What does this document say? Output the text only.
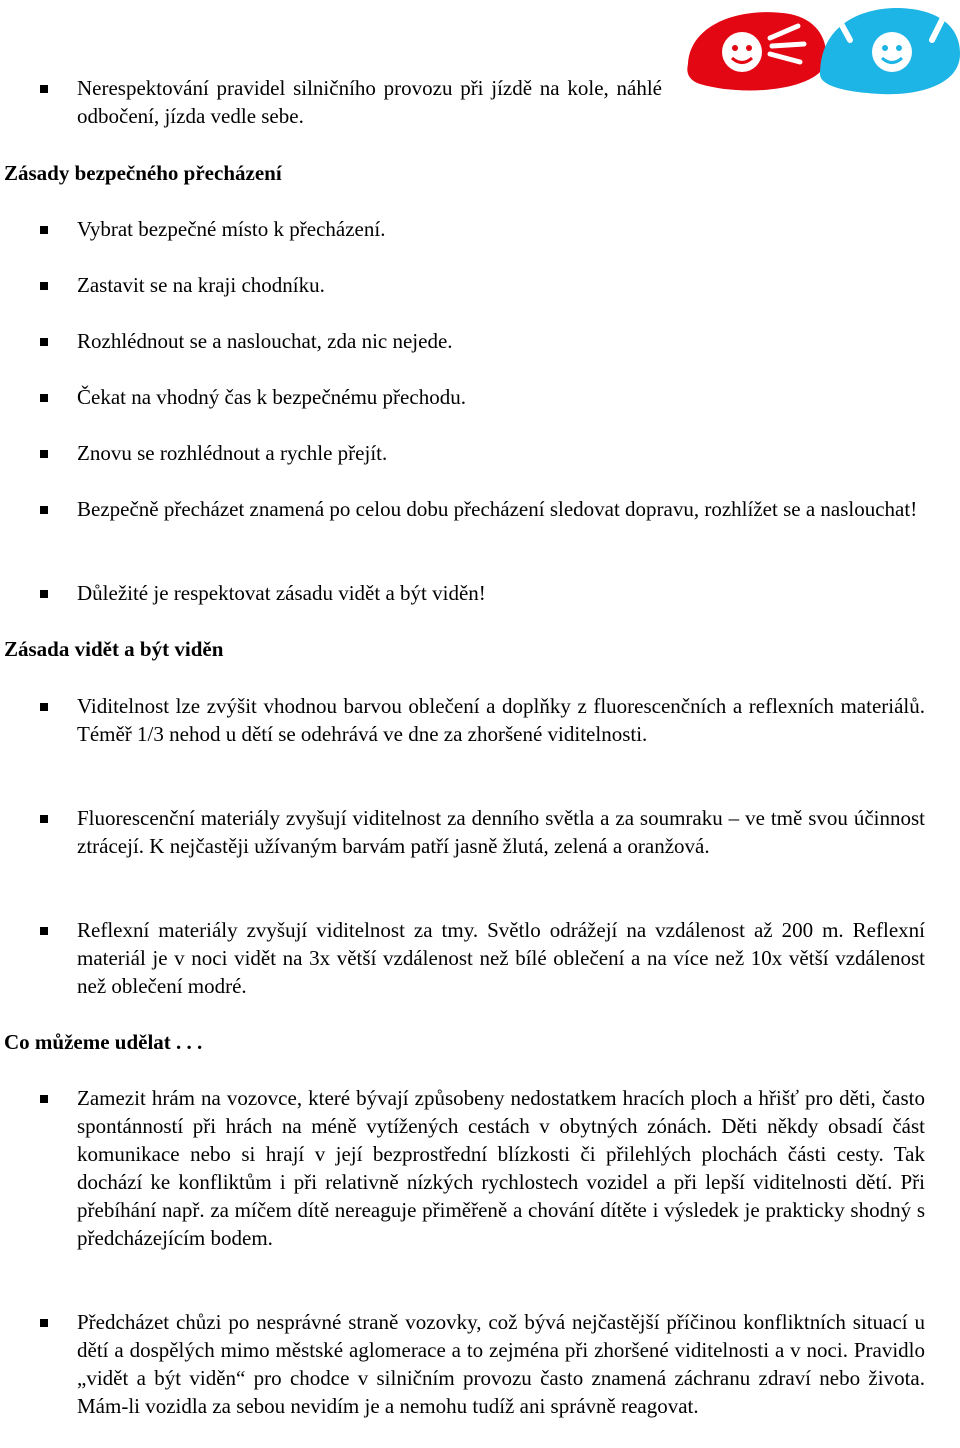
Nerespektování pravidel silničního provozu při jízdě na kole, náhlé odbočení, jízda vedle sebe.

Zásady bezpečného přecházení

Vybrat bezpečné místo k přecházení.

Zastavit se na kraji chodníku.

Rozhlédnout se a naslouchat, zda nic nejede.

Čekat na vhodný čas k bezpečnému přechodu.

Znovu se rozhlédnout a rychle přejít.

Bezpečně přecházet znamená po celou dobu přecházení sledovat dopravu, rozhlížet se a naslouchat!

Důležité je respektovat zásadu vidět a být viděn!

Zásada vidět a být viděn

Viditelnost lze zvýšit vhodnou barvou oblečení a doplňky z fluorescenčních a reflexních materiálů. Téměř 1/3 nehod u dětí se odehrává ve dne za zhoršené viditelnosti.

Fluorescenční materiály zvyšují viditelnost za denního světla a za soumraku – ve tmě svou účinnost ztrácejí. K nejčastěji užívaným barvám patří jasně žlutá, zelená a oranžová.

Reflexní materiály zvyšují viditelnost za tmy. Světlo odrážejí na vzdálenost až 200 m. Reflexní materiál je v noci vidět na 3x větší vzdálenost než bílé oblečení a na více než 10x větší vzdálenost než oblečení modré.

Co můžeme udělat . . .

Zamezit hrám na vozovce, které bývají způsobeny nedostatkem hracích ploch a hřišť pro děti, často spontánností při hrách na méně vytížených cestách v obytných zónách. Děti někdy obsadí část komunikace nebo si hrají v její bezprostřední blízkosti či přilehlých plochách části cesty. Tak dochází ke konfliktům i při relativně nízkých rychlostech vozidel a při lepší viditelnosti dětí. Při přebíhání např. za míčem dítě nereaguje přiměřeně a chování dítěte i výsledek je prakticky shodný s předcházejícím bodem.

Předcházet chůzi po nesprávné straně vozovky, což bývá nejčastější příčinou konfliktních situací u dětí a dospělých mimo městské aglomerace a to zejména při zhoršené viditelnosti a v noci. Pravidlo „vidět a být viděn“ pro chodce v silničním provozu často znamená záchranu zdraví nebo života. Mám-li vozidla za sebou nevidím je a nemohu tudíž ani správně reagovat.
